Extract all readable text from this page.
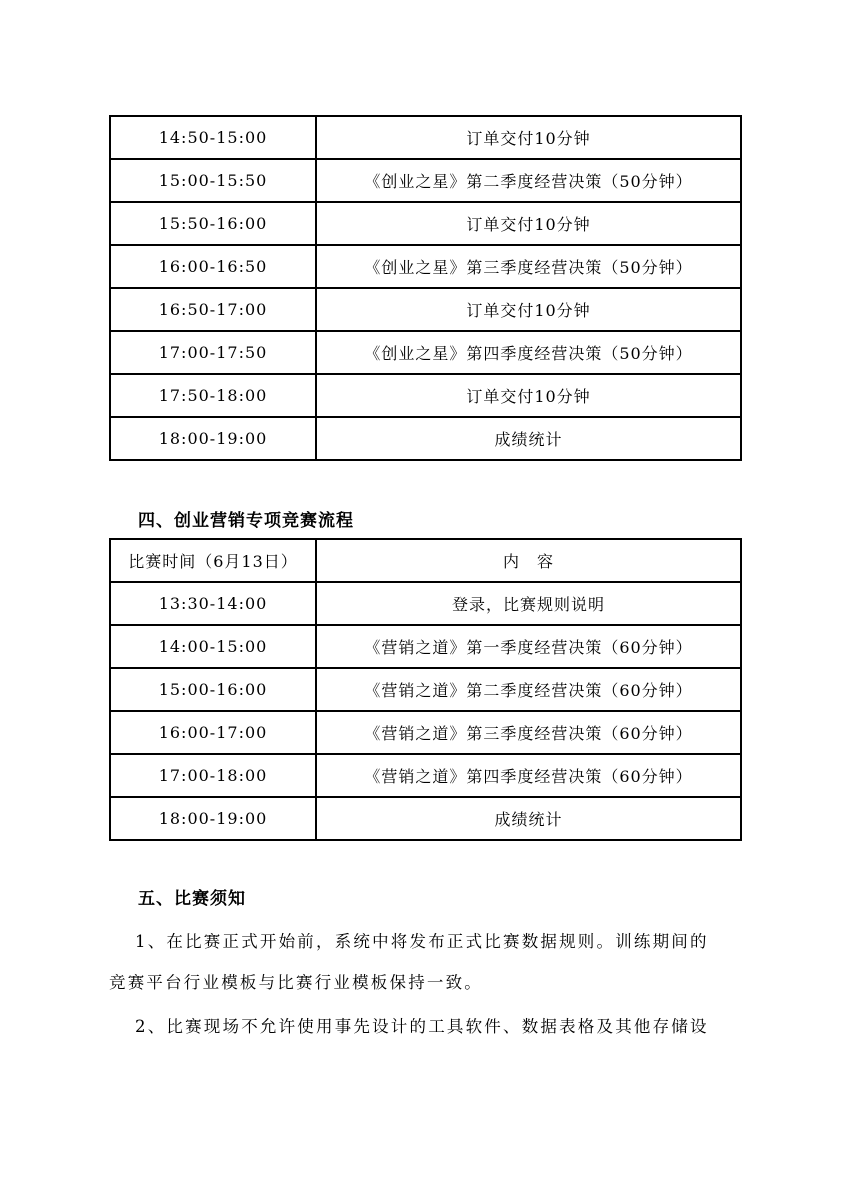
14:50-15:00	订单交付10分钟
15:00-15:50	《创业之星》第二季度经营决策（50分钟）
15:50-16:00	订单交付10分钟
16:00-16:50	《创业之星》第三季度经营决策（50分钟）
16:50-17:00	订单交付10分钟
17:00-17:50	《创业之星》第四季度经营决策（50分钟）
17:50-18:00	订单交付10分钟
18:00-19:00	成绩统计
四、创业营销专项竞赛流程
比赛时间（6月13日）	内　容
13:30-14:00	登录，比赛规则说明
14:00-15:00	《营销之道》第一季度经营决策（60分钟）
15:00-16:00	《营销之道》第二季度经营决策（60分钟）
16:00-17:00	《营销之道》第三季度经营决策（60分钟）
17:00-18:00	《营销之道》第四季度经营决策（60分钟）
18:00-19:00	成绩统计
五、比赛须知
1、在比赛正式开始前，系统中将发布正式比赛数据规则。训练期间的
竞赛平台行业模板与比赛行业模板保持一致。
2、比赛现场不允许使用事先设计的工具软件、数据表格及其他存储设
